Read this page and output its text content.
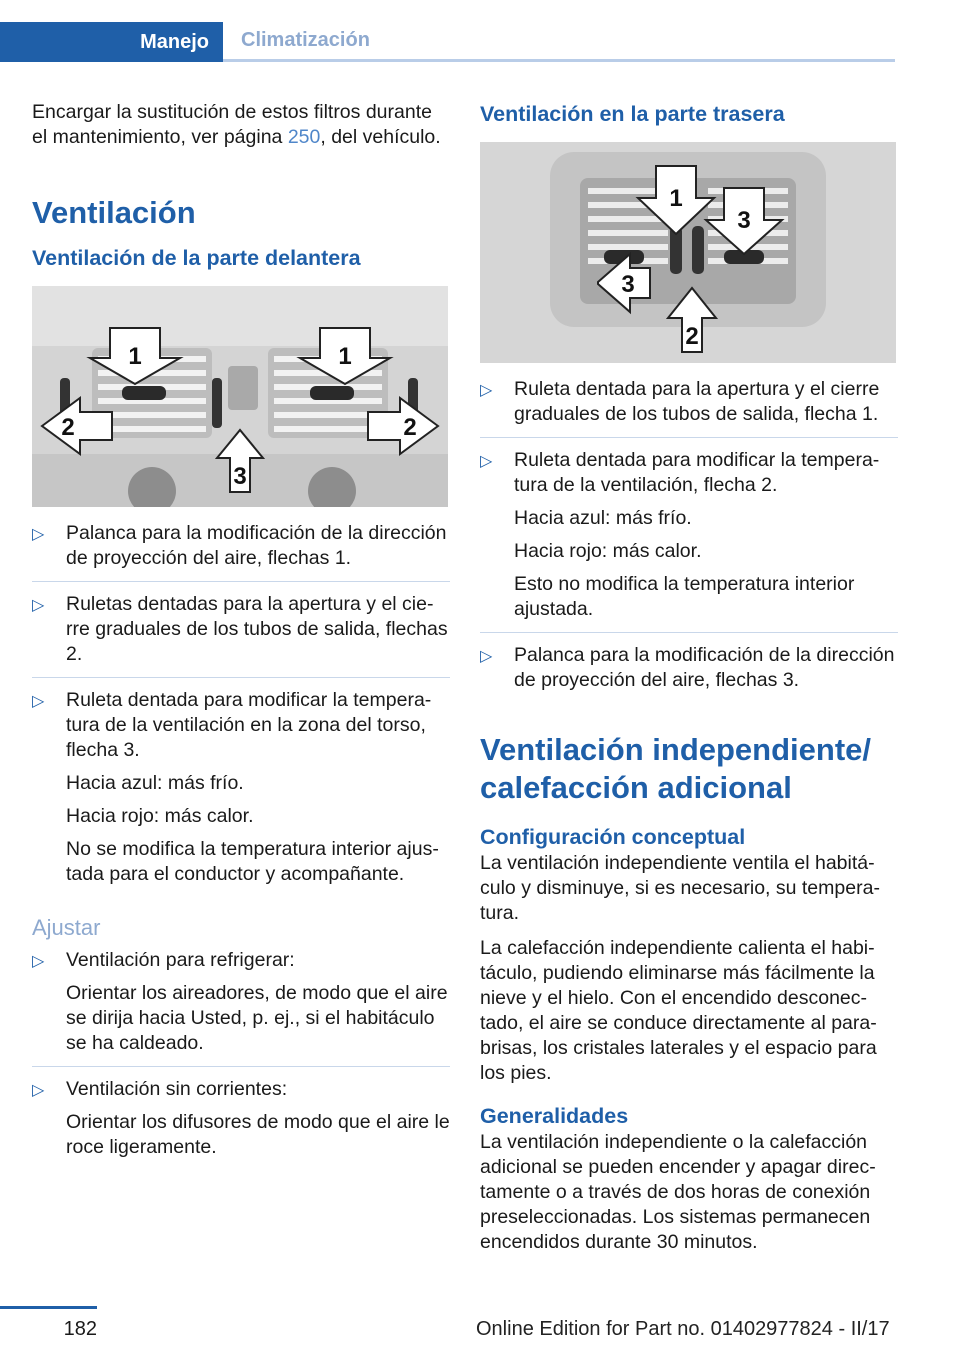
Manejo	Climatización

Encargar la sustitución de estos filtros durante el mantenimiento, ver página 250, del vehículo.

Ventilación
Ventilación de la parte delantera
1	1
2
3
2
▷ Palanca para la modificación de la dirección de proyección del aire, flechas 1.

▷ Ruletas dentadas para la apertura y el cierre graduales de los tubos de salida, flechas 2.

▷ Ruleta dentada para modificar la temperatura de la ventilación en la zona del torso, flecha 3.

Hacia azul: más frío.

Hacia rojo: más calor.

No se modifica la temperatura interior ajustada para el conductor y acompañante.

Ajustar
▷ Ventilación para refrigerar:

Orientar los aireadores, de modo que el aire se dirija hacia Usted, p. ej., si el habitáculo se ha caldeado.

▷ Ventilación sin corrientes:

Orientar los difusores de modo que el aire le roce ligeramente.

Ventilación en la parte trasera
1
3
3
2
▷ Ruleta dentada para la apertura y el cierre graduales de los tubos de salida, flecha 1.

▷ Ruleta dentada para modificar la temperatura de la ventilación, flecha 2.

Hacia azul: más frío.

Hacia rojo: más calor.

Esto no modifica la temperatura interior ajustada.

▷ Palanca para la modificación de la dirección de proyección del aire, flechas 3.

Ventilación independiente/ calefacción adicional
Configuración conceptual

La ventilación independiente ventila el habitáculo y disminuye, si es necesario, su temperatura.

La calefacción independiente calienta el habitáculo, pudiendo eliminarse más fácilmente la nieve y el hielo. Con el encendido desconectado, el aire se conduce directamente al parabrisas, los cristales laterales y el espacio para los pies.

Generalidades

La ventilación independiente o la calefacción adicional se pueden encender y apagar directamente o a través de dos horas de conexión preseleccionadas. Los sistemas permanecen encendidos durante 30 minutos.

182	Online Edition for Part no. 01402977824 - II/17
